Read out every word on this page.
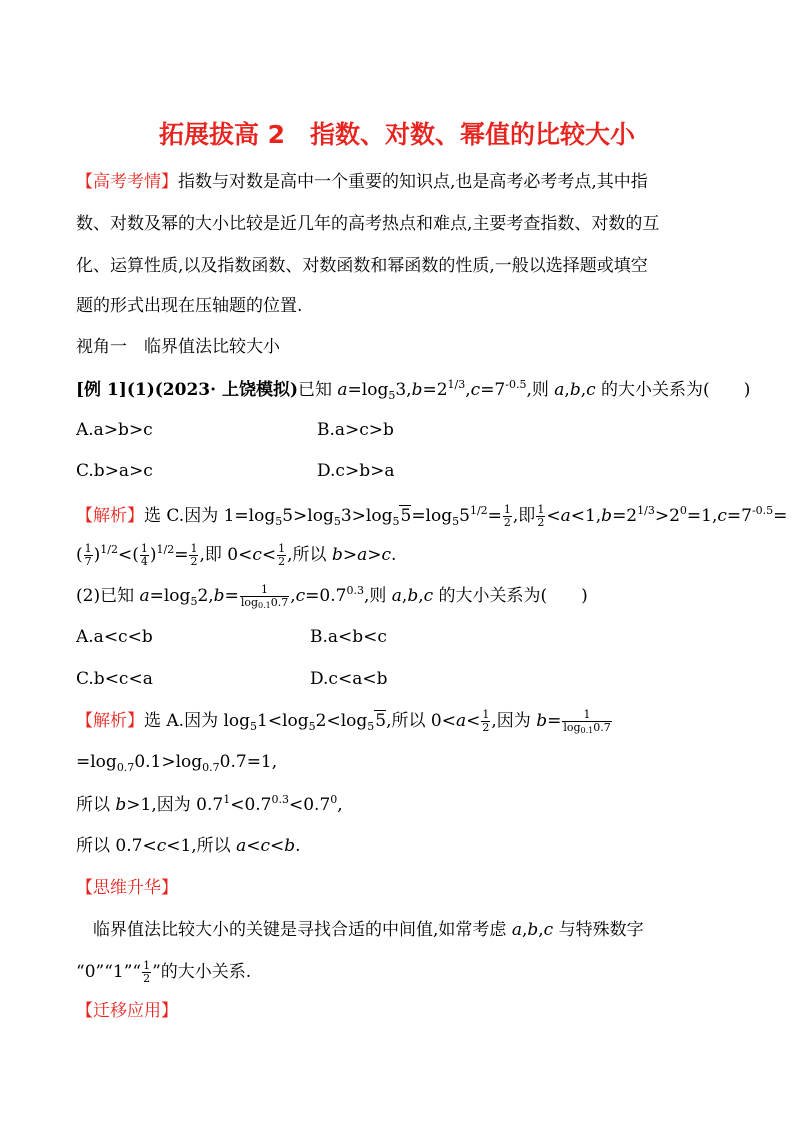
拓展拔高 2　指数、对数、幂值的比较大小
【高考考情】指数与对数是高中一个重要的知识点,也是高考必考考点,其中指
数、对数及幂的大小比较是近几年的高考热点和难点,主要考查指数、对数的互
化、运算性质,以及指数函数、对数函数和幂函数的性质,一般以选择题或填空
题的形式出现在压轴题的位置.
视角一　临界值法比较大小
[例 1](1)(2023· 上饶模拟)已知 $a=\log_53,b=2^{1/3},c=7^{-0.5}$,则 a,b,c 的大小关系为(　　)
A.a>b>c	B.a>c>b
C.b>a>c	D.c>b>a
【解析】选 C.因为 $1=\log_55>\log_53>\log_55=\log_55^{1/2}= \frac{1}{2}$ ,即 $\frac{1}{2} <a<1,b=2^{1/3}>2^0=1,c=7^{-0.5}=$
( $\frac{1}{7} )^{1/2}<( \frac{1}{4} )^{1/2}= \frac{1}{2}$ ,即 $0<c< \frac{1}{2}$ ,所以 b>a>c.
(2)已知 $a=\log_52,b= \frac{1}{\log_{0.1}0.7} ,c=0.7^{0.3}$,则 a,b,c 的大小关系为(　　)
A.a<c<b	B.a<b<c
C.b<c<a	D.c<a<b
【解析】选 A.因为 $\log_51<\log_52<\log_55$,所以 $0<a< \frac{1}{2}$ ,因为 $b= \frac{1}{\log_{0.1}0.7}$
$=\log_{0.7}0.1>\log_{0.7}0.7=1$,
所以 b>1,因为 $0.7^1<0.7^{0.3}<0.7^0$,
所以 0.7<c<1,所以 a<c<b.
【思维升华】
临界值法比较大小的关键是寻找合适的中间值,如常考虑 a,b,c 与特殊数字
“0”“1”“ $\frac{1}{2}$ ”的大小关系.
【迁移应用】
